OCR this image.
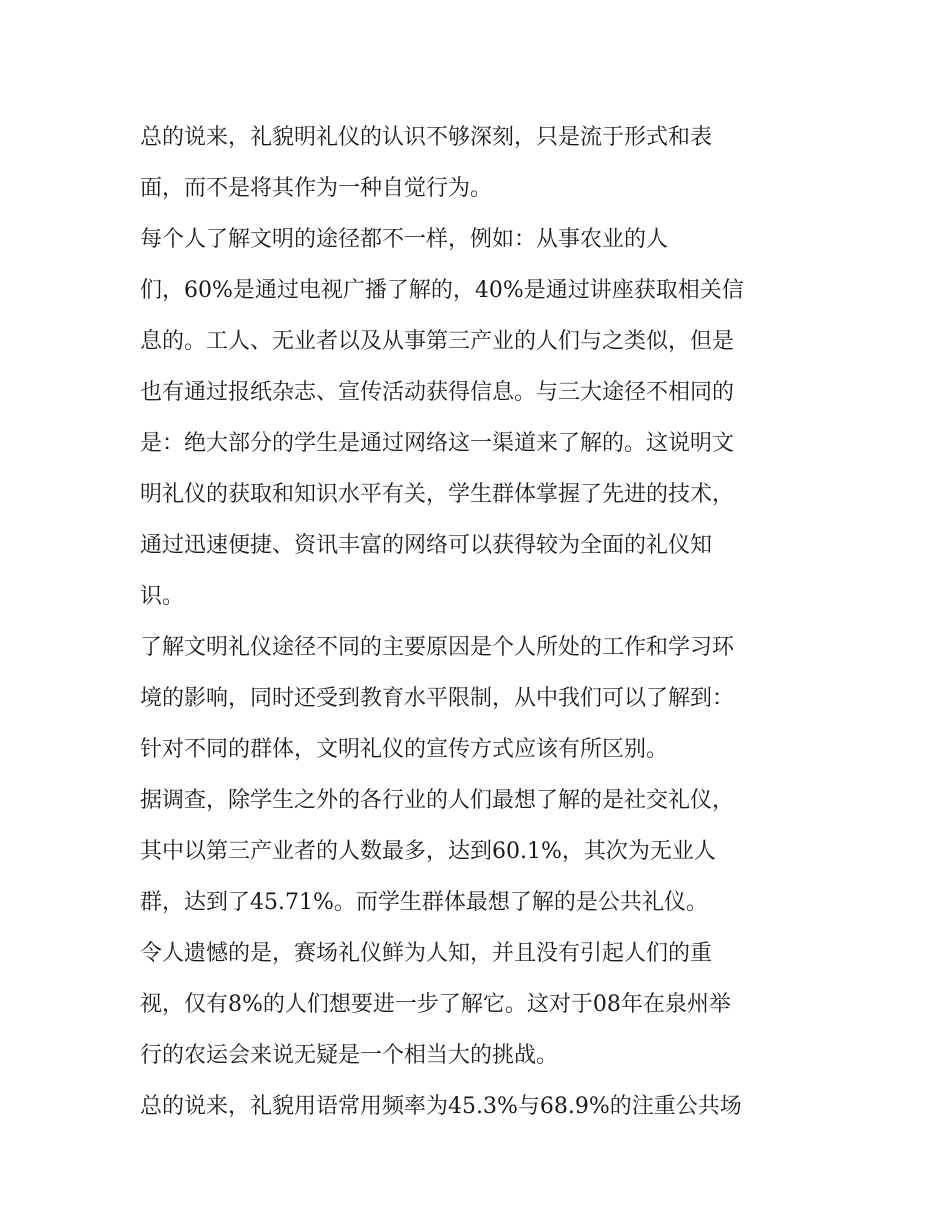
总的说来，礼貌明礼仪的认识不够深刻，只是流于形式和表
面，而不是将其作为一种自觉行为。
每个人了解文明的途径都不一样，例如：从事农业的人
们，60%是通过电视广播了解的，40%是通过讲座获取相关信
息的。工人、无业者以及从事第三产业的人们与之类似，但是
也有通过报纸杂志、宣传活动获得信息。与三大途径不相同的
是：绝大部分的学生是通过网络这一渠道来了解的。这说明文
明礼仪的获取和知识水平有关，学生群体掌握了先进的技术，
通过迅速便捷、资讯丰富的网络可以获得较为全面的礼仪知
识。
了解文明礼仪途径不同的主要原因是个人所处的工作和学习环
境的影响，同时还受到教育水平限制，从中我们可以了解到：
针对不同的群体，文明礼仪的宣传方式应该有所区别。
据调查，除学生之外的各行业的人们最想了解的是社交礼仪，
其中以第三产业者的人数最多，达到60.1%，其次为无业人
群，达到了45.71%。而学生群体最想了解的是公共礼仪。
令人遗憾的是，赛场礼仪鲜为人知，并且没有引起人们的重
视，仅有8%的人们想要进一步了解它。这对于08年在泉州举
行的农运会来说无疑是一个相当大的挑战。
总的说来，礼貌用语常用频率为45.3%与68.9%的注重公共场
